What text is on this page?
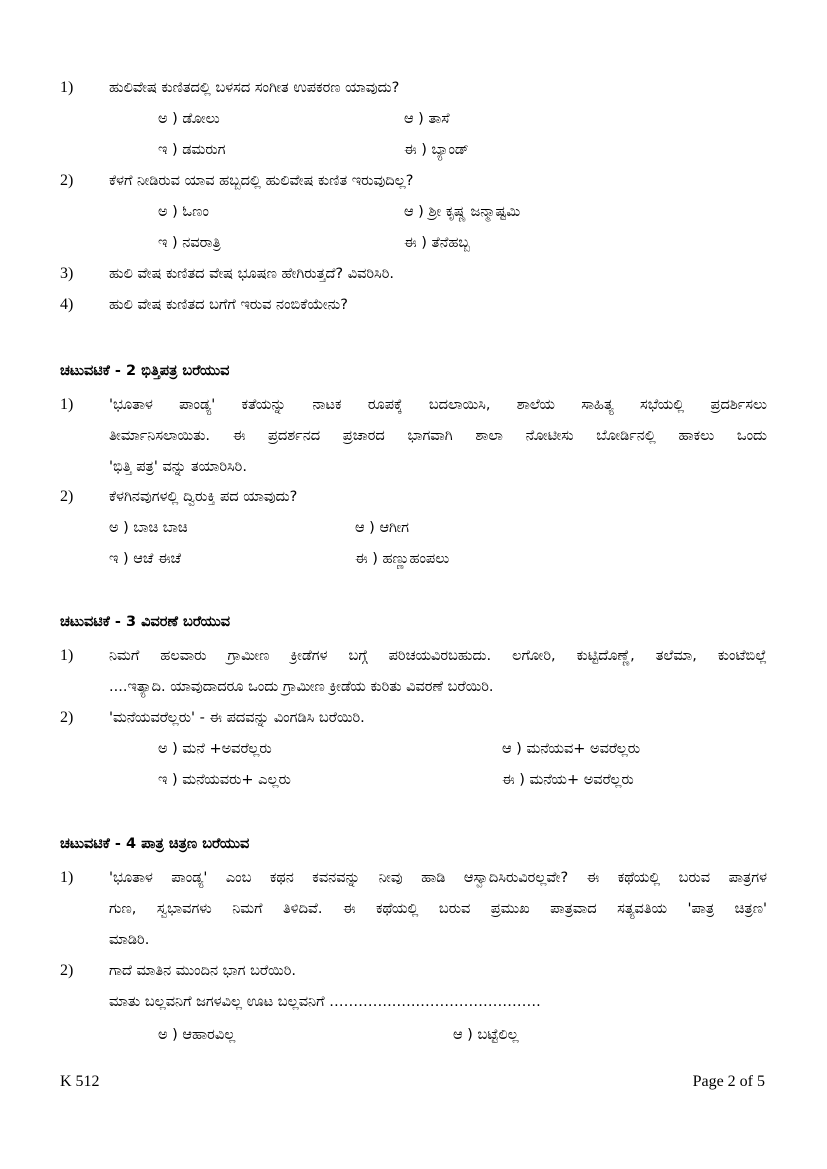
1) ಹುಲಿವೇಷ ಕುಣಿತದಲ್ಲಿ ಬಳಸದ ಸಂಗೀತ ಉಪಕರಣ ಯಾವುದು?
ಅ ) ಡೋಲು	ಆ ) ತಾಸೆ
ಇ ) ಡಮರುಗ	ಈ ) ಬ್ಯಾಂಡ್
2) ಕೆಳಗೆ ನೀಡಿರುವ ಯಾವ ಹಬ್ಬದಲ್ಲಿ ಹುಲಿವೇಷ ಕುಣಿತ ಇರುವುದಿಲ್ಲ?
ಅ ) ಓಣಂ	ಆ ) ಶ್ರೀ ಕೃಷ್ಣ ಜನ್ಮಾಷ್ಟಮಿ
ಇ ) ನವರಾತ್ರಿ	ಈ ) ತೆನೆಹಬ್ಬ
3) ಹುಲಿ ವೇಷ ಕುಣಿತದ ವೇಷ ಭೂಷಣ ಹೇಗಿರುತ್ತದೆ? ವಿವರಿಸಿರಿ.
4) ಹುಲಿ ವೇಷ ಕುಣಿತದ ಬಗೆಗೆ ಇರುವ ನಂಬಿಕೆಯೇನು?
ಚಟುವಟಿಕೆ - 2 ಭಿತ್ತಿಪತ್ರ ಬರೆಯುವ
1) 'ಭೂತಾಳ ಪಾಂಡ್ಯ' ಕತೆಯನ್ನು ನಾಟಕ ರೂಪಕ್ಕೆ ಬದಲಾಯಿಸಿ, ಶಾಲೆಯ ಸಾಹಿತ್ಯ ಸಭೆಯಲ್ಲಿ ಪ್ರದರ್ಶಿಸಲು
ತೀರ್ಮಾನಿಸಲಾಯಿತು. ಈ ಪ್ರದರ್ಶನದ ಪ್ರಚಾರದ ಭಾಗವಾಗಿ ಶಾಲಾ ನೋಟೀಸು ಬೋರ್ಡಿನಲ್ಲಿ ಹಾಕಲು ಒಂದು
'ಭಿತ್ತಿ ಪತ್ರ' ವನ್ನು ತಯಾರಿಸಿರಿ.
2) ಕೆಳಗಿನವುಗಳಲ್ಲಿ ದ್ವಿರುಕ್ತಿ ಪದ ಯಾವುದು?
ಅ ) ಬಾಚಿ ಬಾಚಿ	ಆ ) ಆಗೀಗ
ಇ ) ಆಚೆ ಈಚೆ	ಈ ) ಹಣ್ಣುಹಂಪಲು
ಚಟುವಟಿಕೆ - 3 ವಿವರಣೆ ಬರೆಯುವ
1) ನಿಮಗೆ ಹಲವಾರು ಗ್ರಾಮೀಣ ಕ್ರೀಡೆಗಳ ಬಗ್ಗೆ ಪರಿಚಯವಿರಬಹುದು. ಲಗೋರಿ, ಕುಟ್ಟಿದೊಣ್ಣೆ, ತಲೆಮಾ, ಕುಂಟೆಬಿಲ್ಲೆ
....ಇತ್ಯಾದಿ. ಯಾವುದಾದರೂ ಒಂದು ಗ್ರಾಮೀಣ ಕ್ರೀಡೆಯ ಕುರಿತು ವಿವರಣೆ ಬರೆಯಿರಿ.
2) 'ಮನೆಯವರೆಲ್ಲರು' - ಈ ಪದವನ್ನು ವಿಂಗಡಿಸಿ ಬರೆಯಿರಿ.
ಅ ) ಮನೆ +ಅವರೆಲ್ಲರು	ಆ ) ಮನೆಯವ+ ಅವರೆಲ್ಲರು
ಇ ) ಮನೆಯವರು+ ಎಲ್ಲರು	ಈ ) ಮನೆಯ+ ಅವರೆಲ್ಲರು
ಚಟುವಟಿಕೆ - 4 ಪಾತ್ರ ಚಿತ್ರಣ ಬರೆಯುವ
1) 'ಭೂತಾಳ ಪಾಂಡ್ಯ' ಎಂಬ ಕಥನ ಕವನವನ್ನು ನೀವು ಹಾಡಿ ಆಸ್ವಾದಿಸಿರುವಿರಲ್ಲವೇ? ಈ ಕಥೆಯಲ್ಲಿ ಬರುವ ಪಾತ್ರಗಳ
ಗುಣ, ಸ್ವಭಾವಗಳು ನಿಮಗೆ ತಿಳಿದಿವೆ. ಈ ಕಥೆಯಲ್ಲಿ ಬರುವ ಪ್ರಮುಖ ಪಾತ್ರವಾದ ಸತ್ಯವತಿಯ 'ಪಾತ್ರ ಚಿತ್ರಣ'
ಮಾಡಿರಿ.
2) ಗಾದೆ ಮಾತಿನ ಮುಂದಿನ ಭಾಗ ಬರೆಯಿರಿ.
ಮಾತು ಬಲ್ಲವನಿಗೆ ಜಗಳವಿಲ್ಲ ಊಟ ಬಲ್ಲವನಿಗೆ …………..…..…………………….
ಅ ) ಆಹಾರವಿಲ್ಲ	ಆ ) ಬಟ್ಟೆಲಿಲ್ಲ
K 512	Page 2 of 5
